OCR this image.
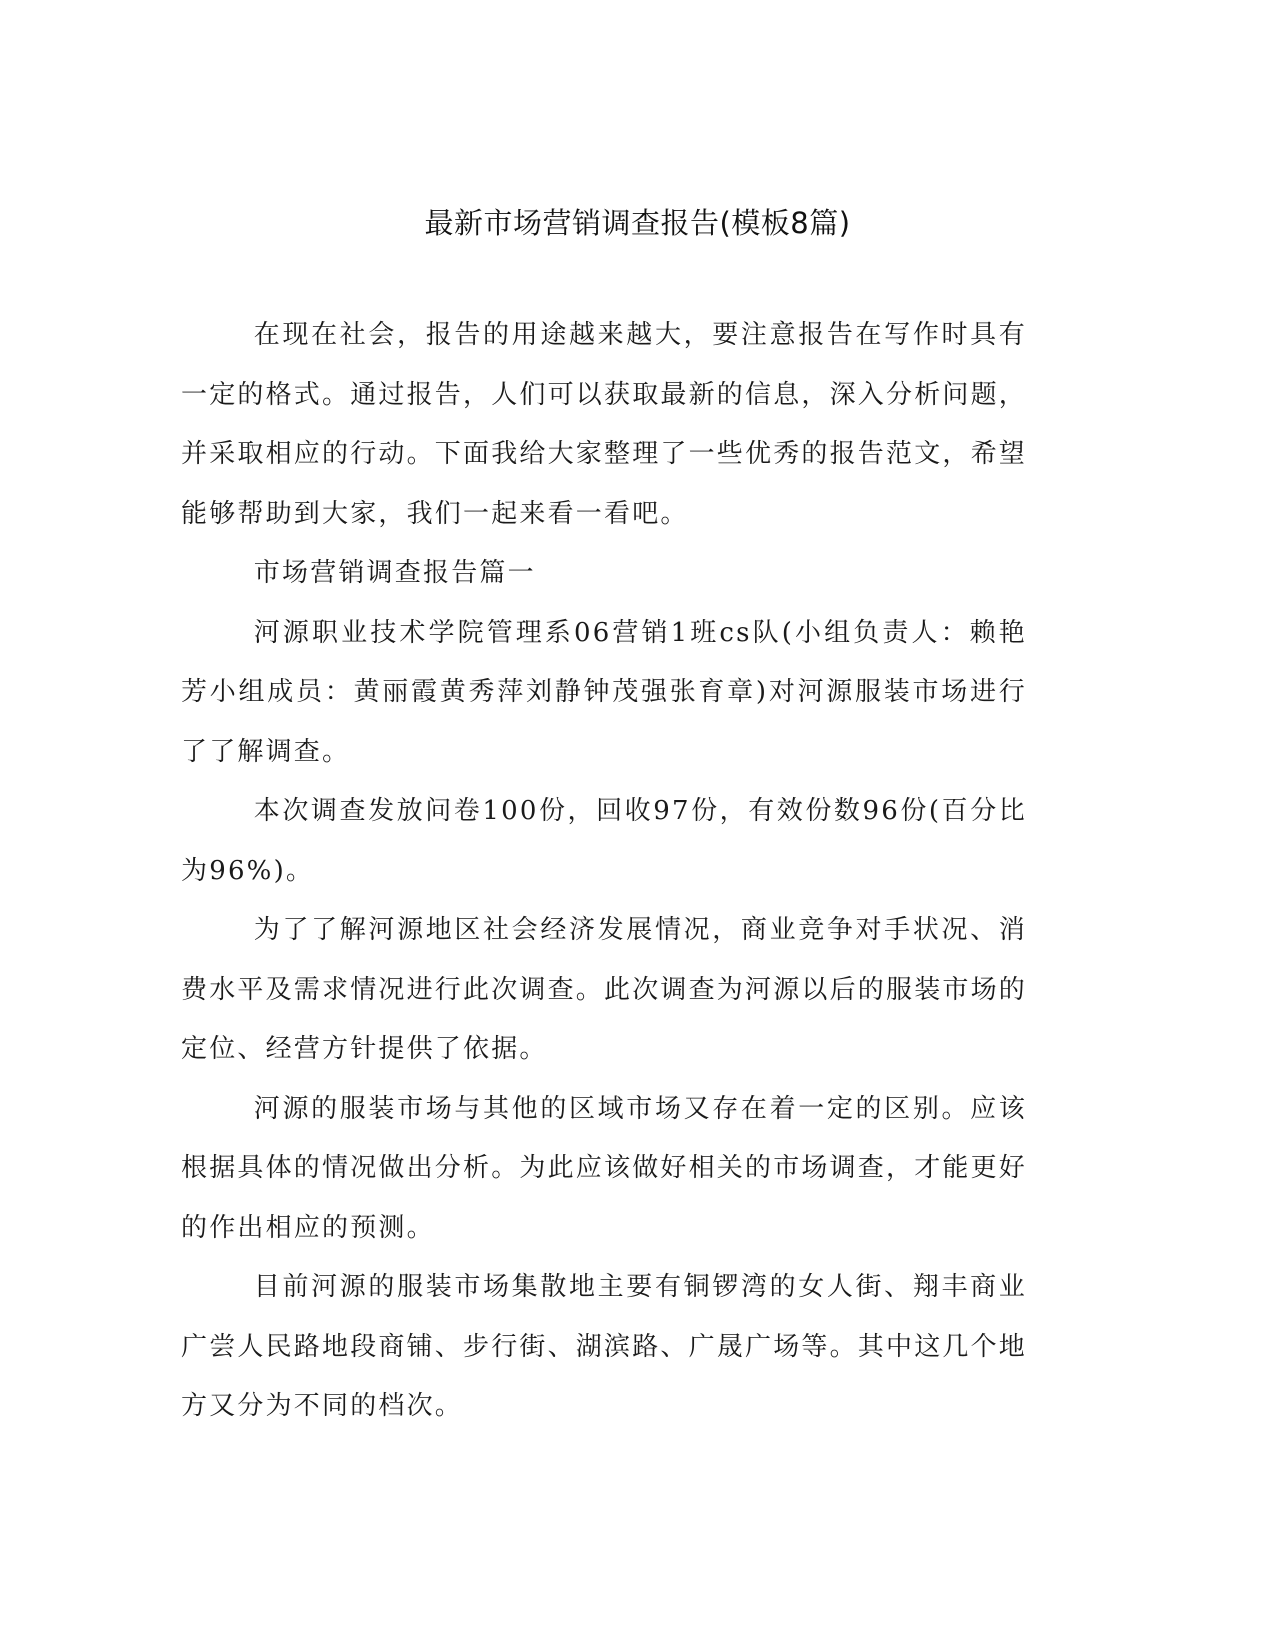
最新市场营销调查报告(模板8篇)

在现在社会，报告的用途越来越大，要注意报告在写作时具有一定的格式。通过报告，人们可以获取最新的信息，深入分析问题，并采取相应的行动。下面我给大家整理了一些优秀的报告范文，希望能够帮助到大家，我们一起来看一看吧。

市场营销调查报告篇一

河源职业技术学院管理系06营销1班cs队(小组负责人：赖艳芳小组成员：黄丽霞黄秀萍刘静钟茂强张育章)对河源服装市场进行了了解调查。

本次调查发放问卷100份，回收97份，有效份数96份(百分比为96%)。

为了了解河源地区社会经济发展情况，商业竞争对手状况、消费水平及需求情况进行此次调查。此次调查为河源以后的服装市场的定位、经营方针提供了依据。

河源的服装市场与其他的区域市场又存在着一定的区别。应该根据具体的情况做出分析。为此应该做好相关的市场调查，才能更好的作出相应的预测。

目前河源的服装市场集散地主要有铜锣湾的女人街、翔丰商业广尝人民路地段商铺、步行街、湖滨路、广晟广场等。其中这几个地方又分为不同的档次。
